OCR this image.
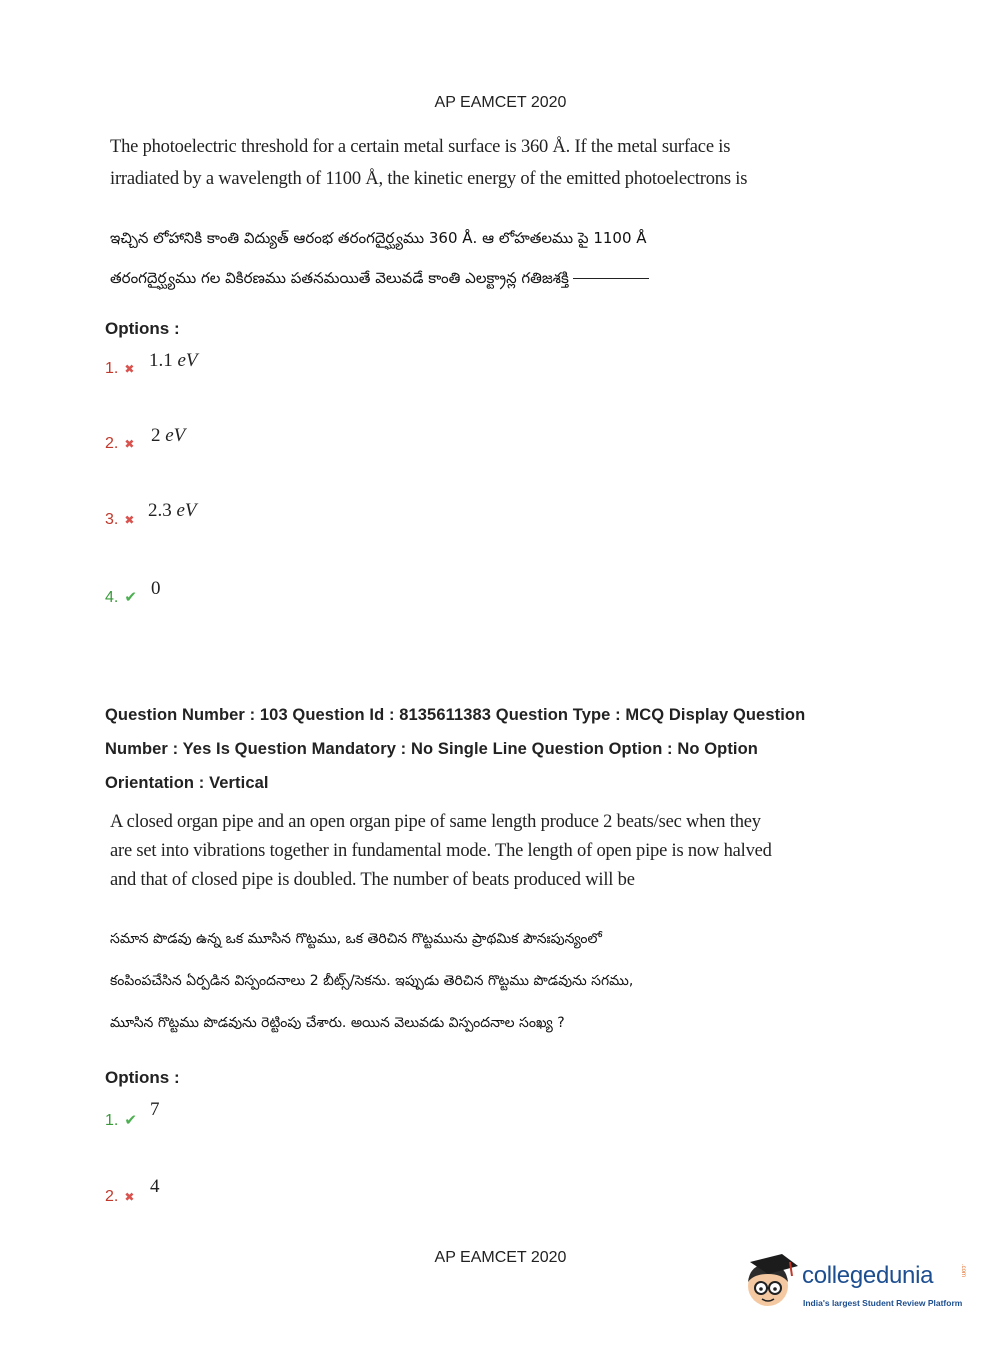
AP EAMCET 2020
The photoelectric threshold for a certain metal surface is 360 Å. If the metal surface is
irradiated by a wavelength of 1100 Å, the kinetic energy of the emitted photoelectrons is
ఇచ్చిన లోహానికి కాంతి విద్యుత్ ఆరంభ తరంగదైర్ఘ్యము 360 Å. ఆ లోహతలము పై 1100 Å
తరంగదైర్ఘ్యము గల వికిరణము పతనమయితే వెలువడే కాంతి ఎలక్ట్రాన్ల గతిజశక్తి
Options :
1. ✖ 1.1 eV
2. ✖ 2 eV
3. ✖ 2.3 eV
4. ✔ 0
Question Number : 103 Question Id : 8135611383 Question Type : MCQ Display Question
Number : Yes Is Question Mandatory : No Single Line Question Option : No Option
Orientation : Vertical
A closed organ pipe and an open organ pipe of same length produce 2 beats/sec when they
are set into vibrations together in fundamental mode. The length of open pipe is now halved
and that of closed pipe is doubled. The number of beats produced will be
సమాన పొడవు ఉన్న ఒక మూసిన గొట్టము, ఒక తెరిచిన గొట్టమును ప్రాథమిక పౌనఃపున్యంలో
కంపింపచేసిన ఏర్పడిన విస్పందనాలు 2 బీట్స్/సెకను. ఇప్పుడు తెరిచిన గొట్టము పొడవును సగము,
మూసిన గొట్టము పొడవును రెట్టింపు చేశారు. అయిన వెలువడు విస్పందనాల సంఖ్య ?
Options :
1. ✔ 7
2. ✖ 4
AP EAMCET 2020
collegedunia	.com
India's largest Student Review Platform
